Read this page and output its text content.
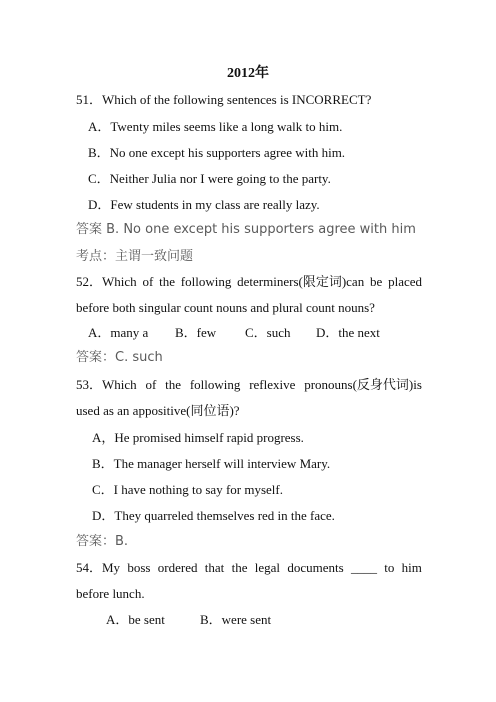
2012年
51．Which of the following sentences is INCORRECT?
A．Twenty miles seems like a long walk to him.
B．No one except his supporters agree with him.
C．Neither Julia nor I were going to the party.
D．Few students in my class are really lazy.
答案 B. No one except his supporters agree with him
考点：主谓一致问题
52．Which of the following determiners(限定词)can be placed
before both singular count nouns and plural count nouns?
A．many a B．few C．such D．the next
答案：C. such
53．Which of the following reflexive pronouns(反身代词)is
used as an appositive(同位语)?
A，He promised himself rapid progress.
B．The manager herself will interview Mary.
C．I have nothing to say for myself.
D．They quarreled themselves red in the face.
答案：B.
54．My boss ordered that the legal documents ____ to him
before lunch.
A．be sent	B．were sent
